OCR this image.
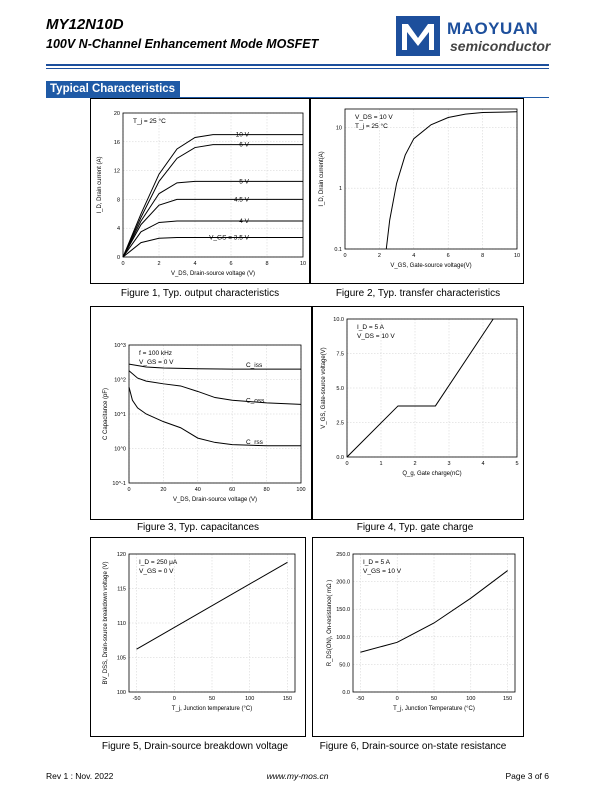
MY12N10D
100V N-Channel Enhancement Mode MOSFET
MAOYUAN
semiconductor
Typical Characteristics
0	2	4	6	8	10
0
4
8
12
16
20
V_DS, Drain-source voltage (V)
I_D, Drain current (A)
T_j = 25 °C
10 V
6 V
5 V
4.5 V
4 V
V_GS = 3.5 V
0	2	4	6	8	10
0.1
1
10
V_GS, Gate-source voltage(V)
I_D, Drain current(A)
V_DS = 10 V
T_j = 25 °C
Figure 1, Typ. output characteristics	Figure 2, Typ. transfer characteristics
0	20	40	60	80	100
10^-1
10^0
10^1
10^2
10^3
V_DS, Drain-source voltage (V)
C Capacitance (pF)
f = 100 kHz
V_GS = 0 V	C_iss
C_oss
C_rss
0	1	2	3	4	5
0.0
2.5
5.0
7.5
10.0
Q_g, Gate charge(nC)
V_GS, Gate-source voltage(V)
I_D = 5 A
V_DS = 10 V
Figure 3, Typ. capacitances	Figure 4, Typ. gate charge
-50	0	50	100	150
100
105
110
115
120
T_j, Junction temperature (°C)
BV_DSS, Drain-source breakdown voltage (V)	I_D = 250 μA
V_GS = 0 V
-50	0	50	100	150
0.0
50.0
100.0
150.0
200.0
250.0
T_j, Junction Temperature (°C)
R_DS(ON), On-resistance( mΩ )
I_D = 5 A
V_GS = 10 V
Figure 5, Drain-source breakdown voltage	Figure 6, Drain-source on-state resistance
Rev 1 : Nov. 2022	www.my-mos.cn	Page 3 of 6
